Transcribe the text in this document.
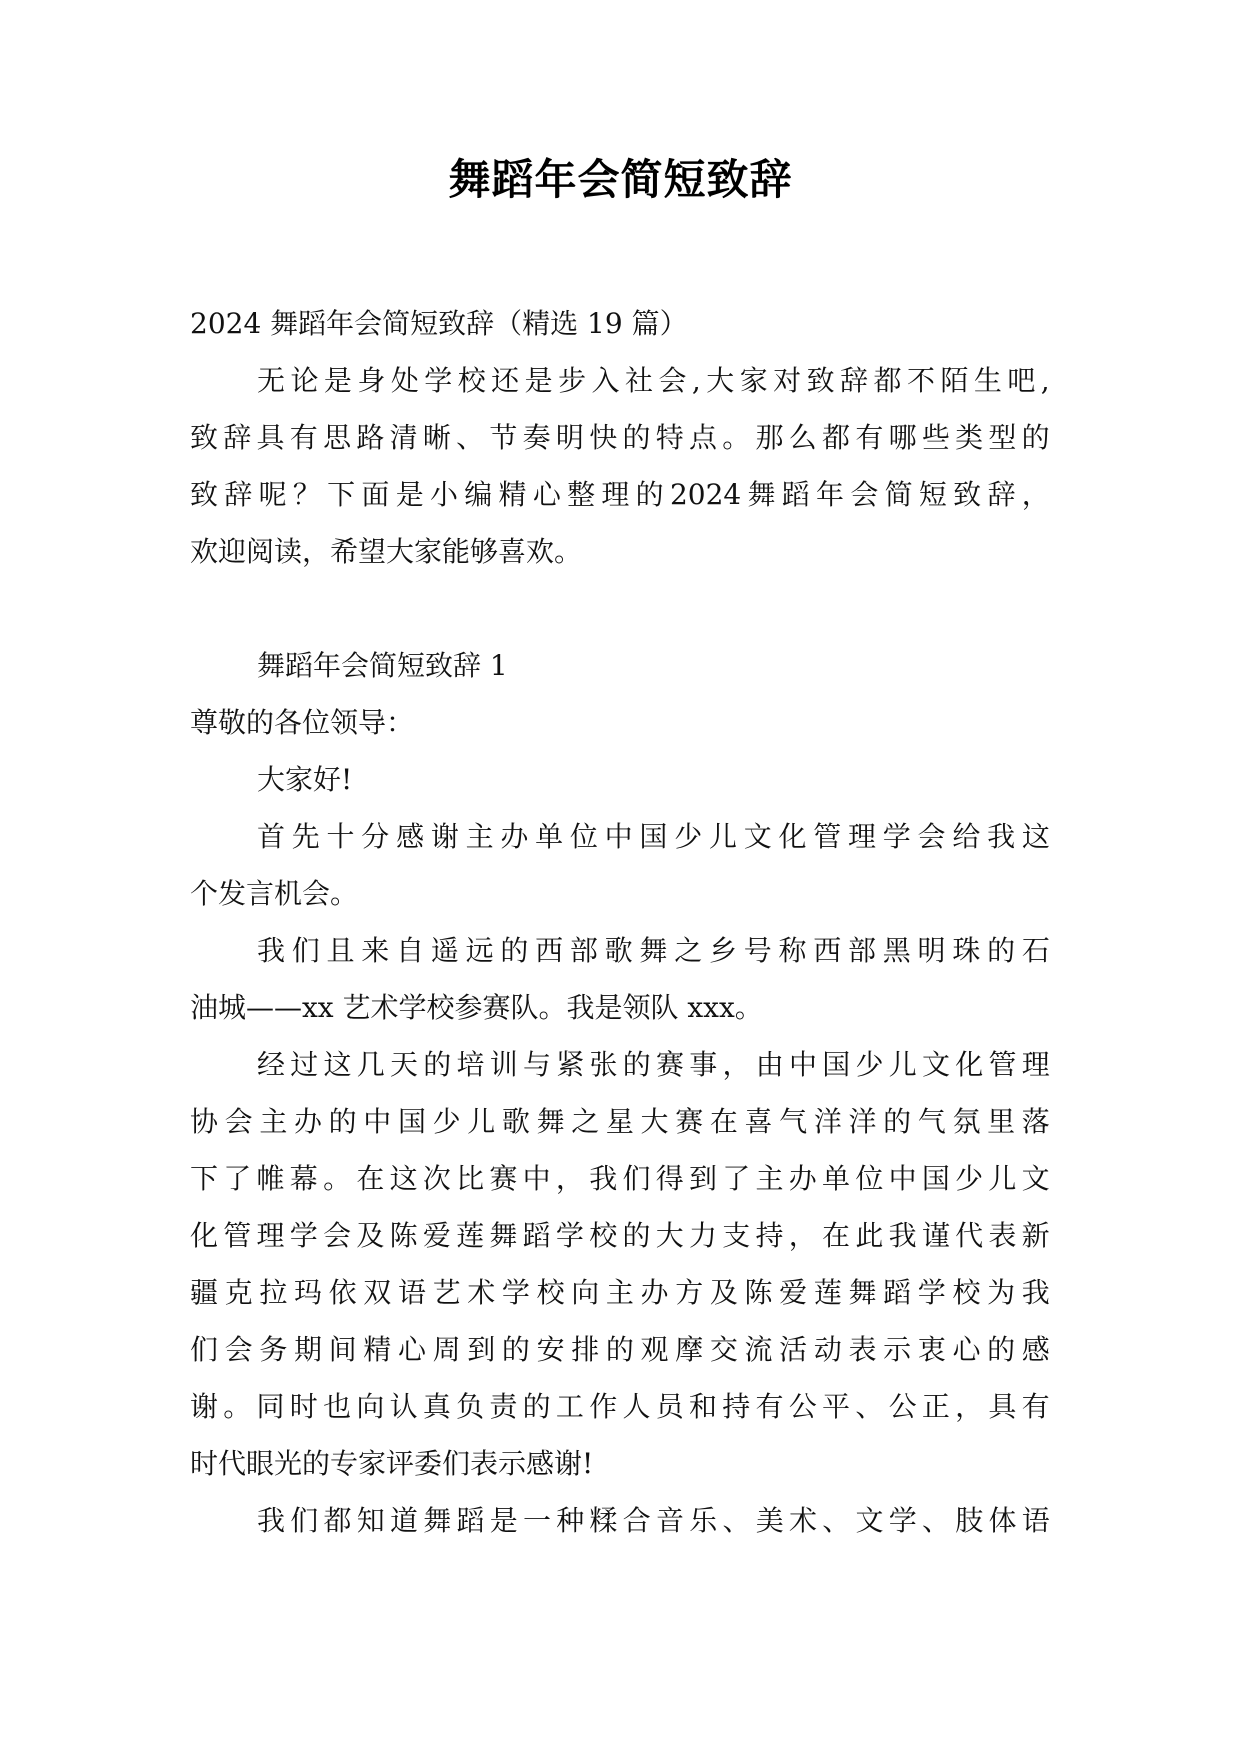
舞蹈年会简短致辞
2024 舞蹈年会简短致辞（精选 19 篇）
无 论 是 身 处 学 校 还 是 步 入 社 会 , 大 家 对 致 辞 都 不 陌 生 吧 ,
致 辞 具 有 思 路 清 晰 、 节 奏 明 快 的 特 点 。 那 么 都 有 哪 些 类 型 的
致 辞 呢 ？ 下 面 是 小 编 精 心 整 理 的 2024 舞 蹈 年 会 简 短 致 辞 ，
欢迎阅读，希望大家能够喜欢。
舞蹈年会简短致辞 1
尊敬的各位领导：
大家好!
首 先 十 分 感 谢 主 办 单 位 中 国 少 儿 文 化 管 理 学 会 给 我 这
个发言机会。
我 们 且 来 自 遥 远 的 西 部 歌 舞 之 乡 号 称 西 部 黑 明 珠 的 石
油城——xx 艺术学校参赛队。我是领队 xxx。
经 过 这 几 天 的 培 训 与 紧 张 的 赛 事 ， 由 中 国 少 儿 文 化 管 理
协 会 主 办 的 中 国 少 儿 歌 舞 之 星 大 赛 在 喜 气 洋 洋 的 气 氛 里 落
下 了 帷 幕 。 在 这 次 比 赛 中 ， 我 们 得 到 了 主 办 单 位 中 国 少 儿 文
化 管 理 学 会 及 陈 爱 莲 舞 蹈 学 校 的 大 力 支 持 ， 在 此 我 谨 代 表 新
疆 克 拉 玛 依 双 语 艺 术 学 校 向 主 办 方 及 陈 爱 莲 舞 蹈 学 校 为 我
们 会 务 期 间 精 心 周 到 的 安 排 的 观 摩 交 流 活 动 表 示 衷 心 的 感
谢 。 同 时 也 向 认 真 负 责 的 工 作 人 员 和 持 有 公 平 、 公 正 ， 具 有
时代眼光的专家评委们表示感谢!
我 们 都 知 道 舞 蹈 是 一 种 糅 合 音 乐 、 美 术 、 文 学 、 肢 体 语
